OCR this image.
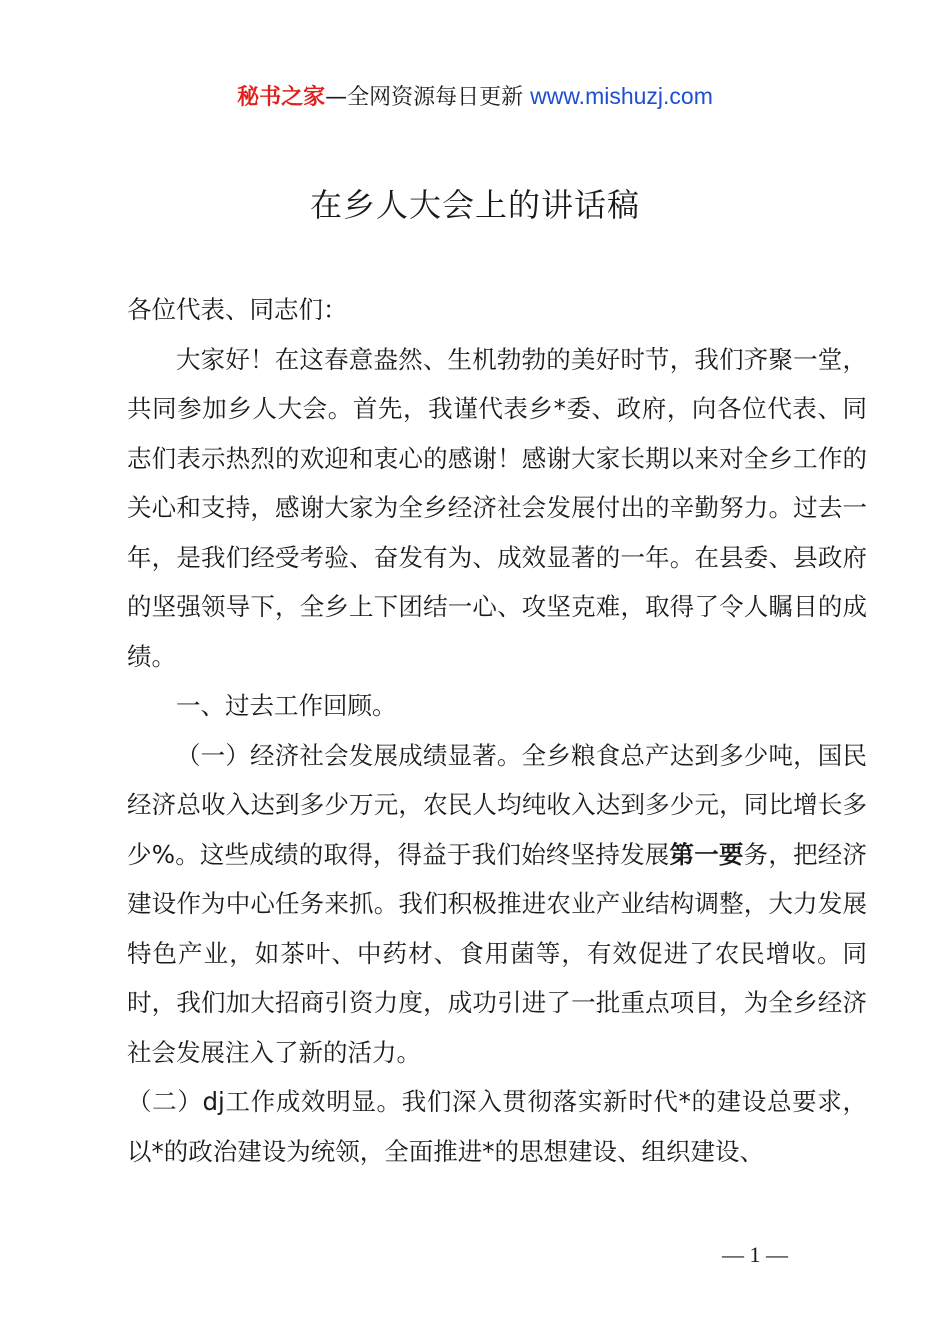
秘书之家—全网资源每日更新 www.mishuzj.com
在乡人大会上的讲话稿

各位代表、同志们：

大家好！在这春意盎然、生机勃勃的美好时节，我们齐聚一堂，共同参加乡人大会。首先，我谨代表乡*委、政府，向各位代表、同志们表示热烈的欢迎和衷心的感谢！感谢大家长期以来对全乡工作的关心和支持，感谢大家为全乡经济社会发展付出的辛勤努力。过去一年，是我们经受考验、奋发有为、成效显著的一年。在县委、县政府的坚强领导下，全乡上下团结一心、攻坚克难，取得了令人瞩目的成绩。

一、过去工作回顾。

（一）经济社会发展成绩显著。全乡粮食总产达到多少吨，国民经济总收入达到多少万元，农民人均纯收入达到多少元，同比增长多少%。这些成绩的取得，得益于我们始终坚持发展第一要务，把经济建设作为中心任务来抓。我们积极推进农业产业结构调整，大力发展特色产业，如茶叶、中药材、食用菌等，有效促进了农民增收。同时，我们加大招商引资力度，成功引进了一批重点项目，为全乡经济社会发展注入了新的活力。

（二）dj工作成效明显。我们深入贯彻落实新时代*的建设总要求，以*的政治建设为统领，全面推进*的思想建设、组织建设、

— 1 —
